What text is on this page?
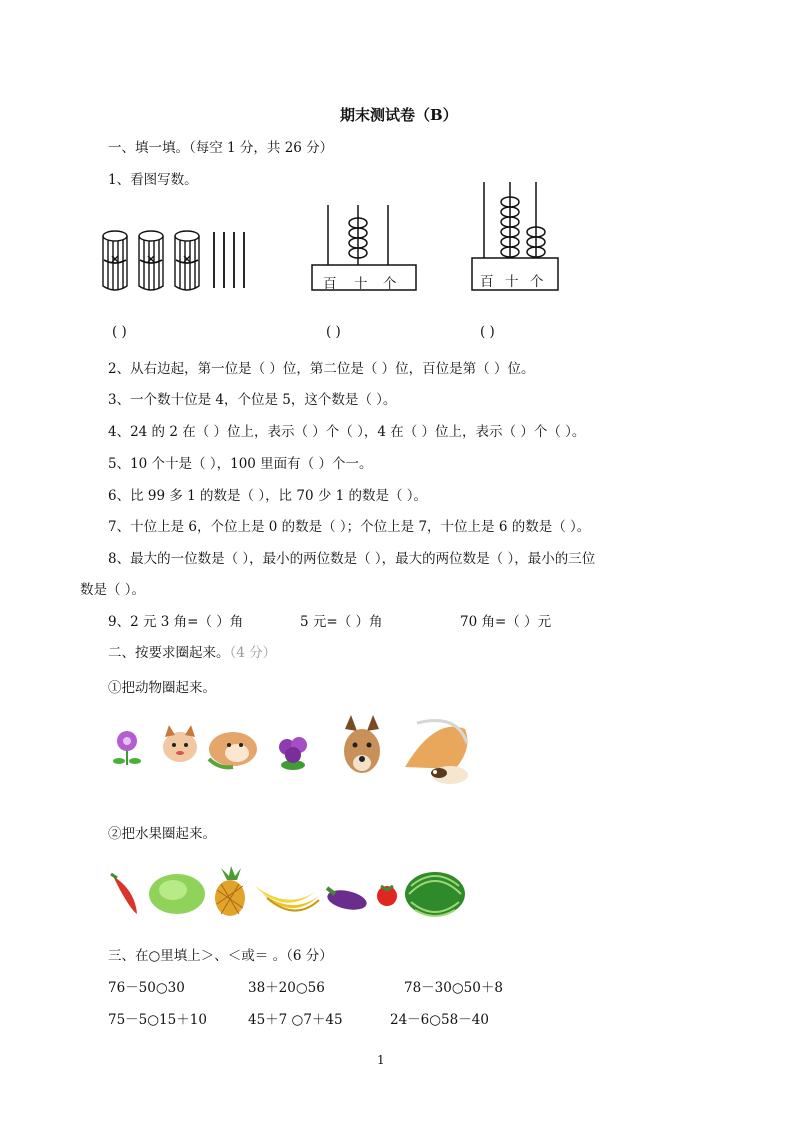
期末测试卷（B）
一、填一填。（每空 1 分，共 26 分）
1、看图写数。
百 十 个	百 十 个
( )	( )	( )
2、从右边起，第一位是（ ）位，第二位是（ ）位，百位是第（ ）位。
3、一个数十位是 4，个位是 5，这个数是（ ）。
4、24 的 2 在（ ）位上，表示（ ）个（ ），4 在（ ）位上，表示（ ）个（ ）。
5、10 个十是（ ），100 里面有（ ）个一。
6、比 99 多 1 的数是（ ），比 70 少 1 的数是（ ）。
7、十位上是 6，个位上是 0 的数是（ ）；个位上是 7，十位上是 6 的数是（ ）。
8、最大的一位数是（ ），最小的两位数是（ ），最大的两位数是（ ），最小的三位
数是（ ）。
9、2 元 3 角=（ ）角	5 元=（ ）角	70 角=（ ）元
二、按要求圈起来。（4 分）
①把动物圈起来。
②把水果圈起来。
三、在○里填上＞、＜或＝ 。（6 分）
76－50○30	38＋20○56	78－30○50＋8
75－5○15＋10	45＋7 ○7＋45	24－6○58－40
1
